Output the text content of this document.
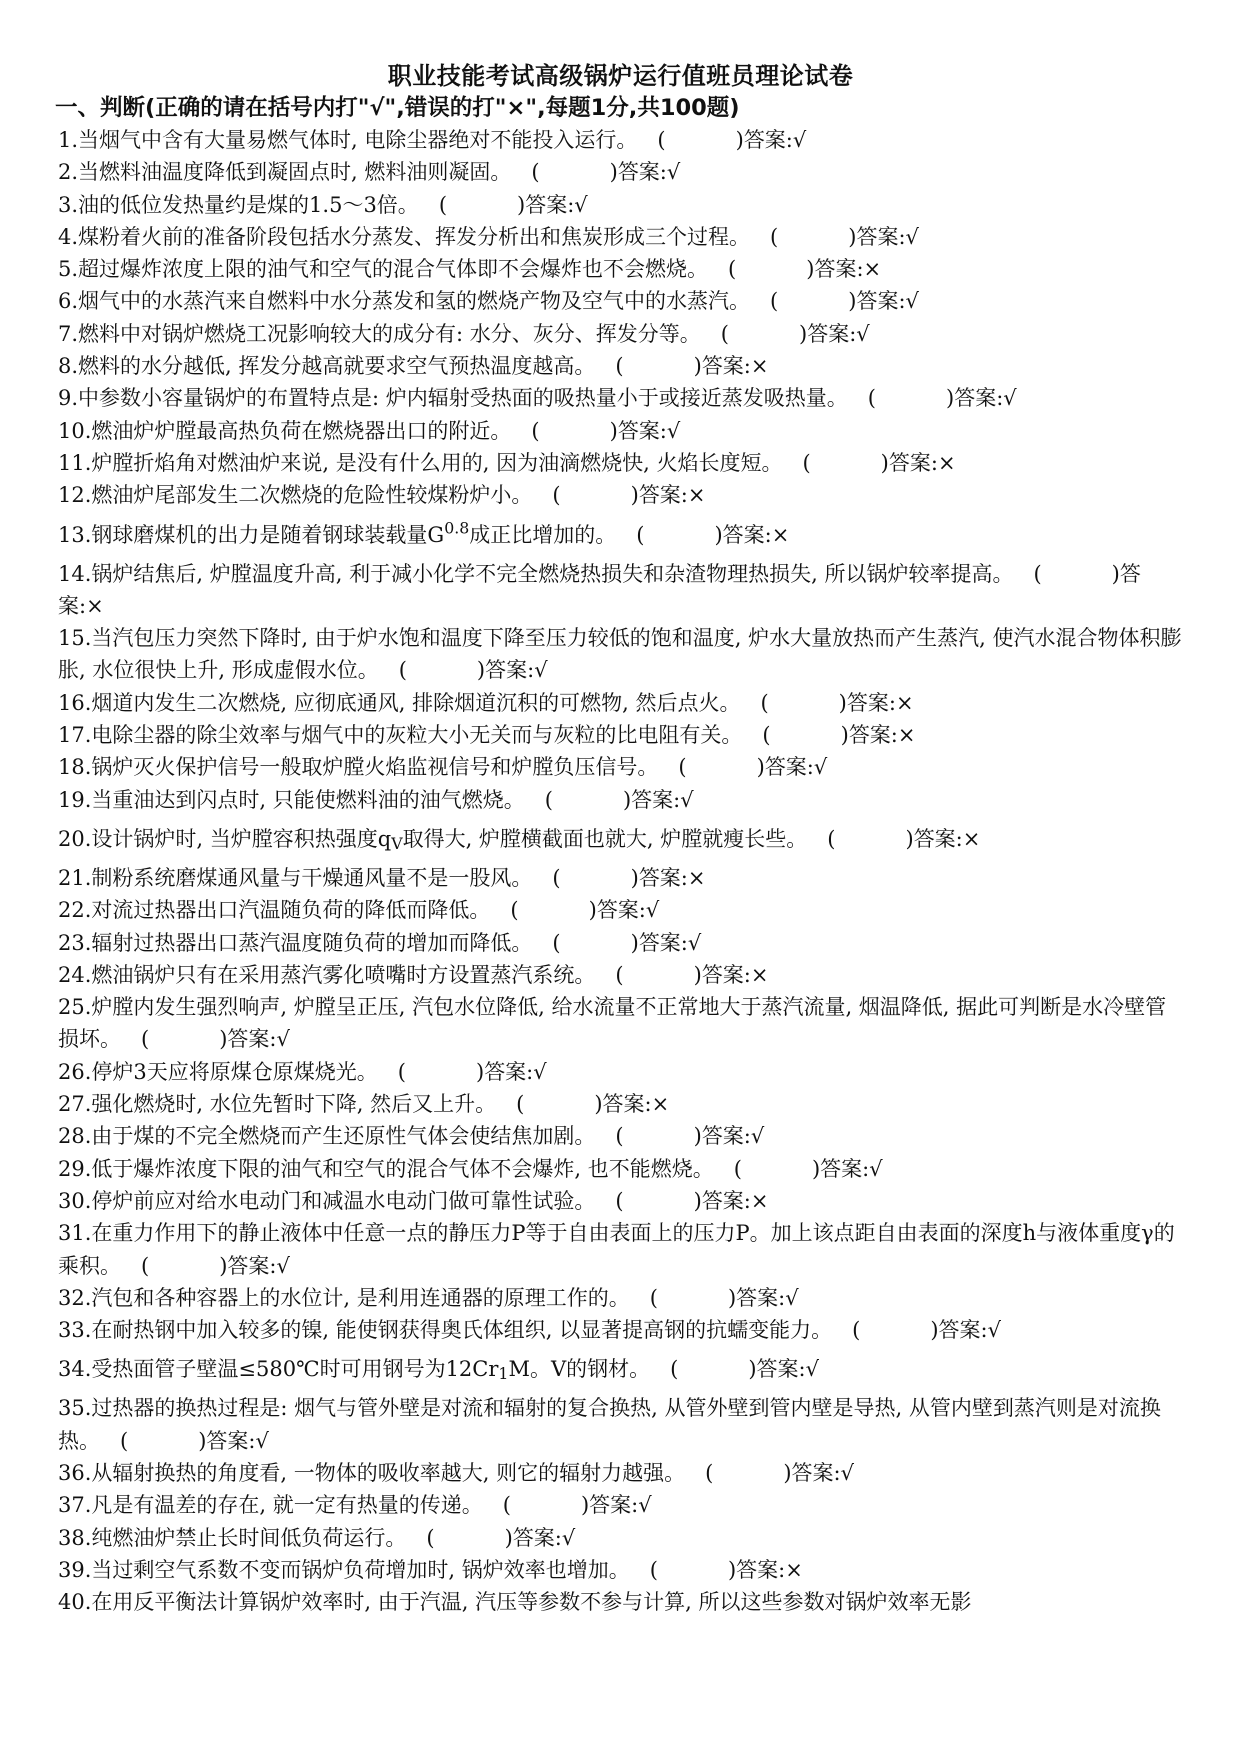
职业技能考试高级锅炉运行值班员理论试卷
一、判断(正确的请在括号内打"√",错误的打"×",每题1分,共100题)
1.当烟气中含有大量易燃气体时, 电除尘器绝对不能投入运行。 (	)答案:√
2.当燃料油温度降低到凝固点时, 燃料油则凝固。 (	)答案:√
3.油的低位发热量约是煤的1.5～3倍。 (	)答案:√
4.煤粉着火前的准备阶段包括水分蒸发、挥发分析出和焦炭形成三个过程。 (	)答案:√
5.超过爆炸浓度上限的油气和空气的混合气体即不会爆炸也不会燃烧。 (	)答案:×
6.烟气中的水蒸汽来自燃料中水分蒸发和氢的燃烧产物及空气中的水蒸汽。 (	)答案:√
7.燃料中对锅炉燃烧工况影响较大的成分有: 水分、灰分、挥发分等。 (	)答案:√
8.燃料的水分越低, 挥发分越高就要求空气预热温度越高。 (	)答案:×
9.中参数小容量锅炉的布置特点是: 炉内辐射受热面的吸热量小于或接近蒸发吸热量。 (	)答案:√
10.燃油炉炉膛最高热负荷在燃烧器出口的附近。 (	)答案:√
11.炉膛折焰角对燃油炉来说, 是没有什么用的, 因为油滴燃烧快, 火焰长度短。 (	)答案:×
12.燃油炉尾部发生二次燃烧的危险性较煤粉炉小。 (	)答案:×
13.钢球磨煤机的出力是随着钢球装载量$G^{0.8}$成正比增加的。 (	)答案:×
14.锅炉结焦后, 炉膛温度升高, 利于减小化学不完全燃烧热损失和杂渣物理热损失, 所以锅炉较率提高。 (	)答案:×
15.当汽包压力突然下降时, 由于炉水饱和温度下降至压力较低的饱和温度, 炉水大量放热而产生蒸汽, 使汽水混合物体积膨胀, 水位很快上升, 形成虚假水位。 (	)答案:√
16.烟道内发生二次燃烧, 应彻底通风, 排除烟道沉积的可燃物, 然后点火。 (	)答案:×
17.电除尘器的除尘效率与烟气中的灰粒大小无关而与灰粒的比电阻有关。 (	)答案:×
18.锅炉灭火保护信号一般取炉膛火焰监视信号和炉膛负压信号。 (	)答案:√
19.当重油达到闪点时, 只能使燃料油的油气燃烧。 (	)答案:√
20.设计锅炉时, 当炉膛容积热强度$q_V$取得大, 炉膛横截面也就大, 炉膛就瘦长些。 (	)答案:×
21.制粉系统磨煤通风量与干燥通风量不是一股风。 (	)答案:×
22.对流过热器出口汽温随负荷的降低而降低。 (	)答案:√
23.辐射过热器出口蒸汽温度随负荷的增加而降低。 (	)答案:√
24.燃油锅炉只有在采用蒸汽雾化喷嘴时方设置蒸汽系统。 (	)答案:×
25.炉膛内发生强烈响声, 炉膛呈正压, 汽包水位降低, 给水流量不正常地大于蒸汽流量, 烟温降低, 据此可判断是水冷壁管损坏。 (	)答案:√
26.停炉3天应将原煤仓原煤烧光。 (	)答案:√
27.强化燃烧时, 水位先暂时下降, 然后又上升。 (	)答案:×
28.由于煤的不完全燃烧而产生还原性气体会使结焦加剧。 (	)答案:√
29.低于爆炸浓度下限的油气和空气的混合气体不会爆炸, 也不能燃烧。 (	)答案:√
30.停炉前应对给水电动门和减温水电动门做可靠性试验。 (	)答案:×
31.在重力作用下的静止液体中任意一点的静压力P等于自由表面上的压力P。加上该点距自由表面的深度h与液体重度γ的乘积。 (	)答案:√
32.汽包和各种容器上的水位计, 是利用连通器的原理工作的。 (	)答案:√
33.在耐热钢中加入较多的镍, 能使钢获得奥氏体组织, 以显著提高钢的抗蠕变能力。 (	)答案:√
34.受热面管子壁温≤580℃时可用钢号为$12Cr_1M$。V的钢材。 (	)答案:√
35.过热器的换热过程是: 烟气与管外壁是对流和辐射的复合换热, 从管外壁到管内壁是导热, 从管内壁到蒸汽则是对流换热。 (	)答案:√
36.从辐射换热的角度看, 一物体的吸收率越大, 则它的辐射力越强。 (	)答案:√
37.凡是有温差的存在, 就一定有热量的传递。 (	)答案:√
38.纯燃油炉禁止长时间低负荷运行。 (	)答案:√
39.当过剩空气系数不变而锅炉负荷增加时, 锅炉效率也增加。 (	)答案:×
40.在用反平衡法计算锅炉效率时, 由于汽温, 汽压等参数不参与计算, 所以这些参数对锅炉效率无影
